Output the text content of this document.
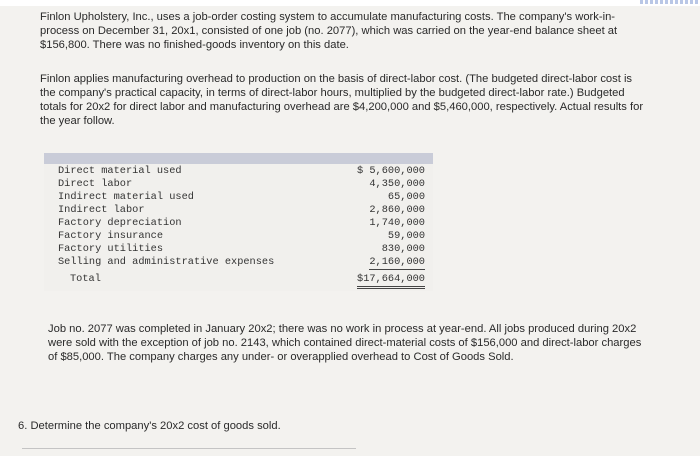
Finlon Upholstery, Inc., uses a job-order costing system to accumulate manufacturing costs. The company's work-in-process on December 31, 20x1, consisted of one job (no. 2077), which was carried on the year-end balance sheet at $156,800. There was no finished-goods inventory on this date.

Finlon applies manufacturing overhead to production on the basis of direct-labor cost. (The budgeted direct-labor cost is the company's practical capacity, in terms of direct-labor hours, multiplied by the budgeted direct-labor rate.) Budgeted totals for 20x2 for direct labor and manufacturing overhead are $4,200,000 and $5,460,000, respectively. Actual results for the year follow.

Direct material used	$ 5,600,000
Direct labor	4,350,000
Indirect material used	65,000
Indirect labor	2,860,000
Factory depreciation	1,740,000
Factory insurance	59,000
Factory utilities	830,000
Selling and administrative expenses	2,160,000
Total	$17,664,000

Job no. 2077 was completed in January 20x2; there was no work in process at year-end. All jobs produced during 20x2 were sold with the exception of job no. 2143, which contained direct-material costs of $156,000 and direct-labor charges of $85,000. The company charges any under- or overapplied overhead to Cost of Goods Sold.

6. Determine the company's 20x2 cost of goods sold.
